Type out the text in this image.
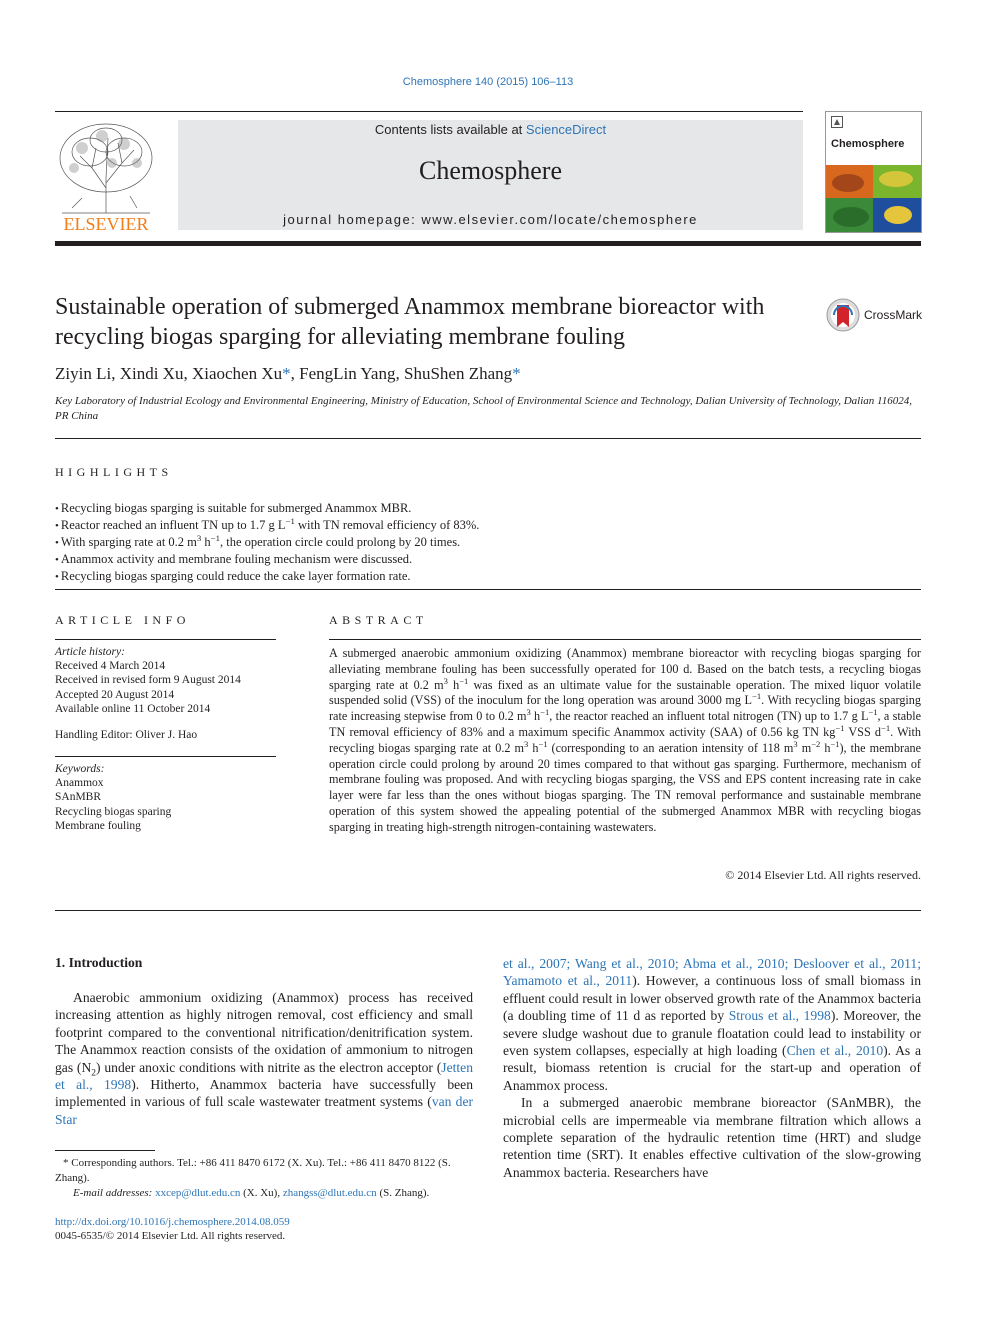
Chemosphere 140 (2015) 106–113
ELSEVIER
Contents lists available at ScienceDirect
Chemosphere
journal homepage: www.elsevier.com/locate/chemosphere
Chemosphere
Sustainable operation of submerged Anammox membrane bioreactor with recycling biogas sparging for alleviating membrane fouling
CrossMark
Ziyin Li, Xindi Xu, Xiaochen Xu*, FengLin Yang, ShuShen Zhang*
Key Laboratory of Industrial Ecology and Environmental Engineering, Ministry of Education, School of Environmental Science and Technology, Dalian University of Technology, Dalian 116024, PR China
HIGHLIGHTS
• Recycling biogas sparging is suitable for submerged Anammox MBR.
• Reactor reached an influent TN up to 1.7 g $L^{-1}$ with TN removal efficiency of 83%.
• With sparging rate at 0.2 $m^3$ $h^{-1}$, the operation circle could prolong by 20 times.
• Anammox activity and membrane fouling mechanism were discussed.
• Recycling biogas sparging could reduce the cake layer formation rate.
ARTICLE INFO
Article history:
Received 4 March 2014
Received in revised form 9 August 2014
Accepted 20 August 2014
Available online 11 October 2014
Handling Editor: Oliver J. Hao
Keywords:
Anammox
SAnMBR
Recycling biogas sparing
Membrane fouling
ABSTRACT
A submerged anaerobic ammonium oxidizing (Anammox) membrane bioreactor with recycling biogas sparging for alleviating membrane fouling has been successfully operated for 100 d. Based on the batch tests, a recycling biogas sparging rate at 0.2 $m^3$ $h^{-1}$ was fixed as an ultimate value for the sustainable operation. The mixed liquor volatile suspended solid (VSS) of the inoculum for the long operation was around 3000 mg $L^{-1}$. With recycling biogas sparging rate increasing stepwise from 0 to 0.2 $m^3$ $h^{-1}$, the reactor reached an influent total nitrogen (TN) up to 1.7 g $L^{-1}$, a stable TN removal efficiency of 83% and a maximum specific Anammox activity (SAA) of 0.56 kg TN $kg^{-1}$ VSS $d^{-1}$. With recycling biogas sparging rate at 0.2 $m^3$ $h^{-1}$ (corresponding to an aeration intensity of 118 $m^3$ $m^{-2}$ $h^{-1}$), the membrane operation circle could prolong by around 20 times compared to that without gas sparging. Furthermore, mechanism of membrane fouling was proposed. And with recycling biogas sparging, the VSS and EPS content increasing rate in cake layer were far less than the ones without biogas sparging. The TN removal performance and sustainable membrane operation of this system showed the appealing potential of the submerged Anammox MBR with recycling biogas sparging in treating high-strength nitrogen-containing wastewaters.
© 2014 Elsevier Ltd. All rights reserved.
1. Introduction

Anaerobic ammonium oxidizing (Anammox) process has received increasing attention as highly nitrogen removal, cost efficiency and small footprint compared to the conventional nitrification/denitrification system. The Anammox reaction consists of the oxidation of ammonium to nitrogen gas $(N_2)$ under anoxic conditions with nitrite as the electron acceptor (Jetten et al., 1998). Hitherto, Anammox bacteria have successfully been implemented in various of full scale wastewater treatment systems (van der Star

et al., 2007; Wang et al., 2010; Abma et al., 2010; Desloover et al., 2011; Yamamoto et al., 2011). However, a continuous loss of small biomass in effluent could result in lower observed growth rate of the Anammox bacteria (a doubling time of 11 d as reported by Strous et al., 1998). Moreover, the severe sludge washout due to granule floatation could lead to instability or even system collapses, especially at high loading (Chen et al., 2010). As a result, biomass retention is crucial for the start-up and operation of Anammox process.

In a submerged anaerobic membrane bioreactor (SAnMBR), the microbial cells are impermeable via membrane filtration which allows a complete separation of the hydraulic retention time (HRT) and sludge retention time (SRT). It enables effective cultivation of the slow-growing Anammox bacteria. Researchers have

* Corresponding authors. Tel.: +86 411 8470 6172 (X. Xu). Tel.: +86 411 8470 8122 (S. Zhang).
E-mail addresses: xxcep@dlut.edu.cn (X. Xu), zhangss@dlut.edu.cn (S. Zhang).
http://dx.doi.org/10.1016/j.chemosphere.2014.08.059
0045-6535/© 2014 Elsevier Ltd. All rights reserved.
